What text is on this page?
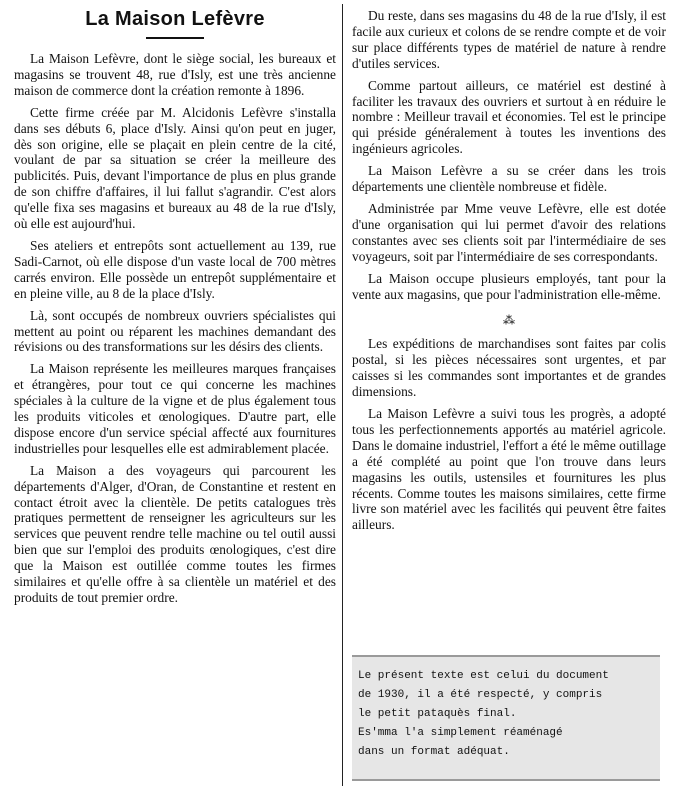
La Maison Lefèvre

La Maison Lefèvre, dont le siège social, les bureaux et magasins se trouvent 48, rue d'Isly, est une très ancienne maison de commerce dont la création remonte à 1896.

Cette firme créée par M. Alcidonis Lefèvre s'installa dans ses débuts 6, place d'Isly. Ainsi qu'on peut en juger, dès son origine, elle se plaçait en plein centre de la cité, voulant de par sa situation se créer la meilleure des publicités. Puis, devant l'importance de plus en plus grande de son chiffre d'affaires, il lui fallut s'agrandir. C'est alors qu'elle fixa ses magasins et bureaux au 48 de la rue d'Isly, où elle est aujourd'hui.

Ses ateliers et entrepôts sont actuellement au 139, rue Sadi-Carnot, où elle dispose d'un vaste local de 700 mètres carrés environ. Elle possède un entrepôt supplémentaire et en pleine ville, au 8 de la place d'Isly.

Là, sont occupés de nombreux ouvriers spécialistes qui mettent au point ou réparent les machines demandant des révisions ou des transformations sur les désirs des clients.

La Maison représente les meilleures marques françaises et étrangères, pour tout ce qui concerne les machines spéciales à la culture de la vigne et de plus également tous les produits viticoles et œnologiques. D'autre part, elle dispose encore d'un service spécial affecté aux fournitures industrielles pour lesquelles elle est admirablement placée.

La Maison a des voyageurs qui parcourent les départements d'Alger, d'Oran, de Constantine et restent en contact étroit avec la clientèle. De petits catalogues très pratiques permettent de renseigner les agriculteurs sur les services que peuvent rendre telle machine ou tel outil aussi bien que sur l'emploi des produits œnologiques, c'est dire que la Maison est outillée comme toutes les firmes similaires et qu'elle offre à sa clientèle un matériel et des produits de tout premier ordre.

Du reste, dans ses magasins du 48 de la rue d'Isly, il est facile aux curieux et colons de se rendre compte et de voir sur place différents types de matériel de nature à rendre d'utiles services.

Comme partout ailleurs, ce matériel est destiné à faciliter les travaux des ouvriers et surtout à en réduire le nombre : Meilleur travail et économies. Tel est le principe qui préside généralement à toutes les inventions des ingénieurs agricoles.

La Maison Lefèvre a su se créer dans les trois départements une clientèle nombreuse et fidèle.

Administrée par Mme veuve Lefèvre, elle est dotée d'une organisation qui lui permet d'avoir des relations constantes avec ses clients soit par l'intermédiaire de ses voyageurs, soit par l'intermédiaire de ses correspondants.

La Maison occupe plusieurs employés, tant pour la vente aux magasins, que pour l'administration elle-même.

⁂

Les expéditions de marchandises sont faites par colis postal, si les pièces nécessaires sont urgentes, et par caisses si les commandes sont importantes et de grandes dimensions.

La Maison Lefèvre a suivi tous les progrès, a adopté tous les perfectionnements apportés au matériel agricole. Dans le domaine industriel, l'effort a été le même outillage a été complété au point que l'on trouve dans leurs magasins les outils, ustensiles et fournitures les plus récents. Comme toutes les maisons similaires, cette firme livre son matériel avec les facilités qui peuvent être faites ailleurs.

Le présent texte est celui du document
de 1930, il a été respecté, y compris
le petit pataquès final.
Es'mma l'a simplement réaménagé
dans un format adéquat.
